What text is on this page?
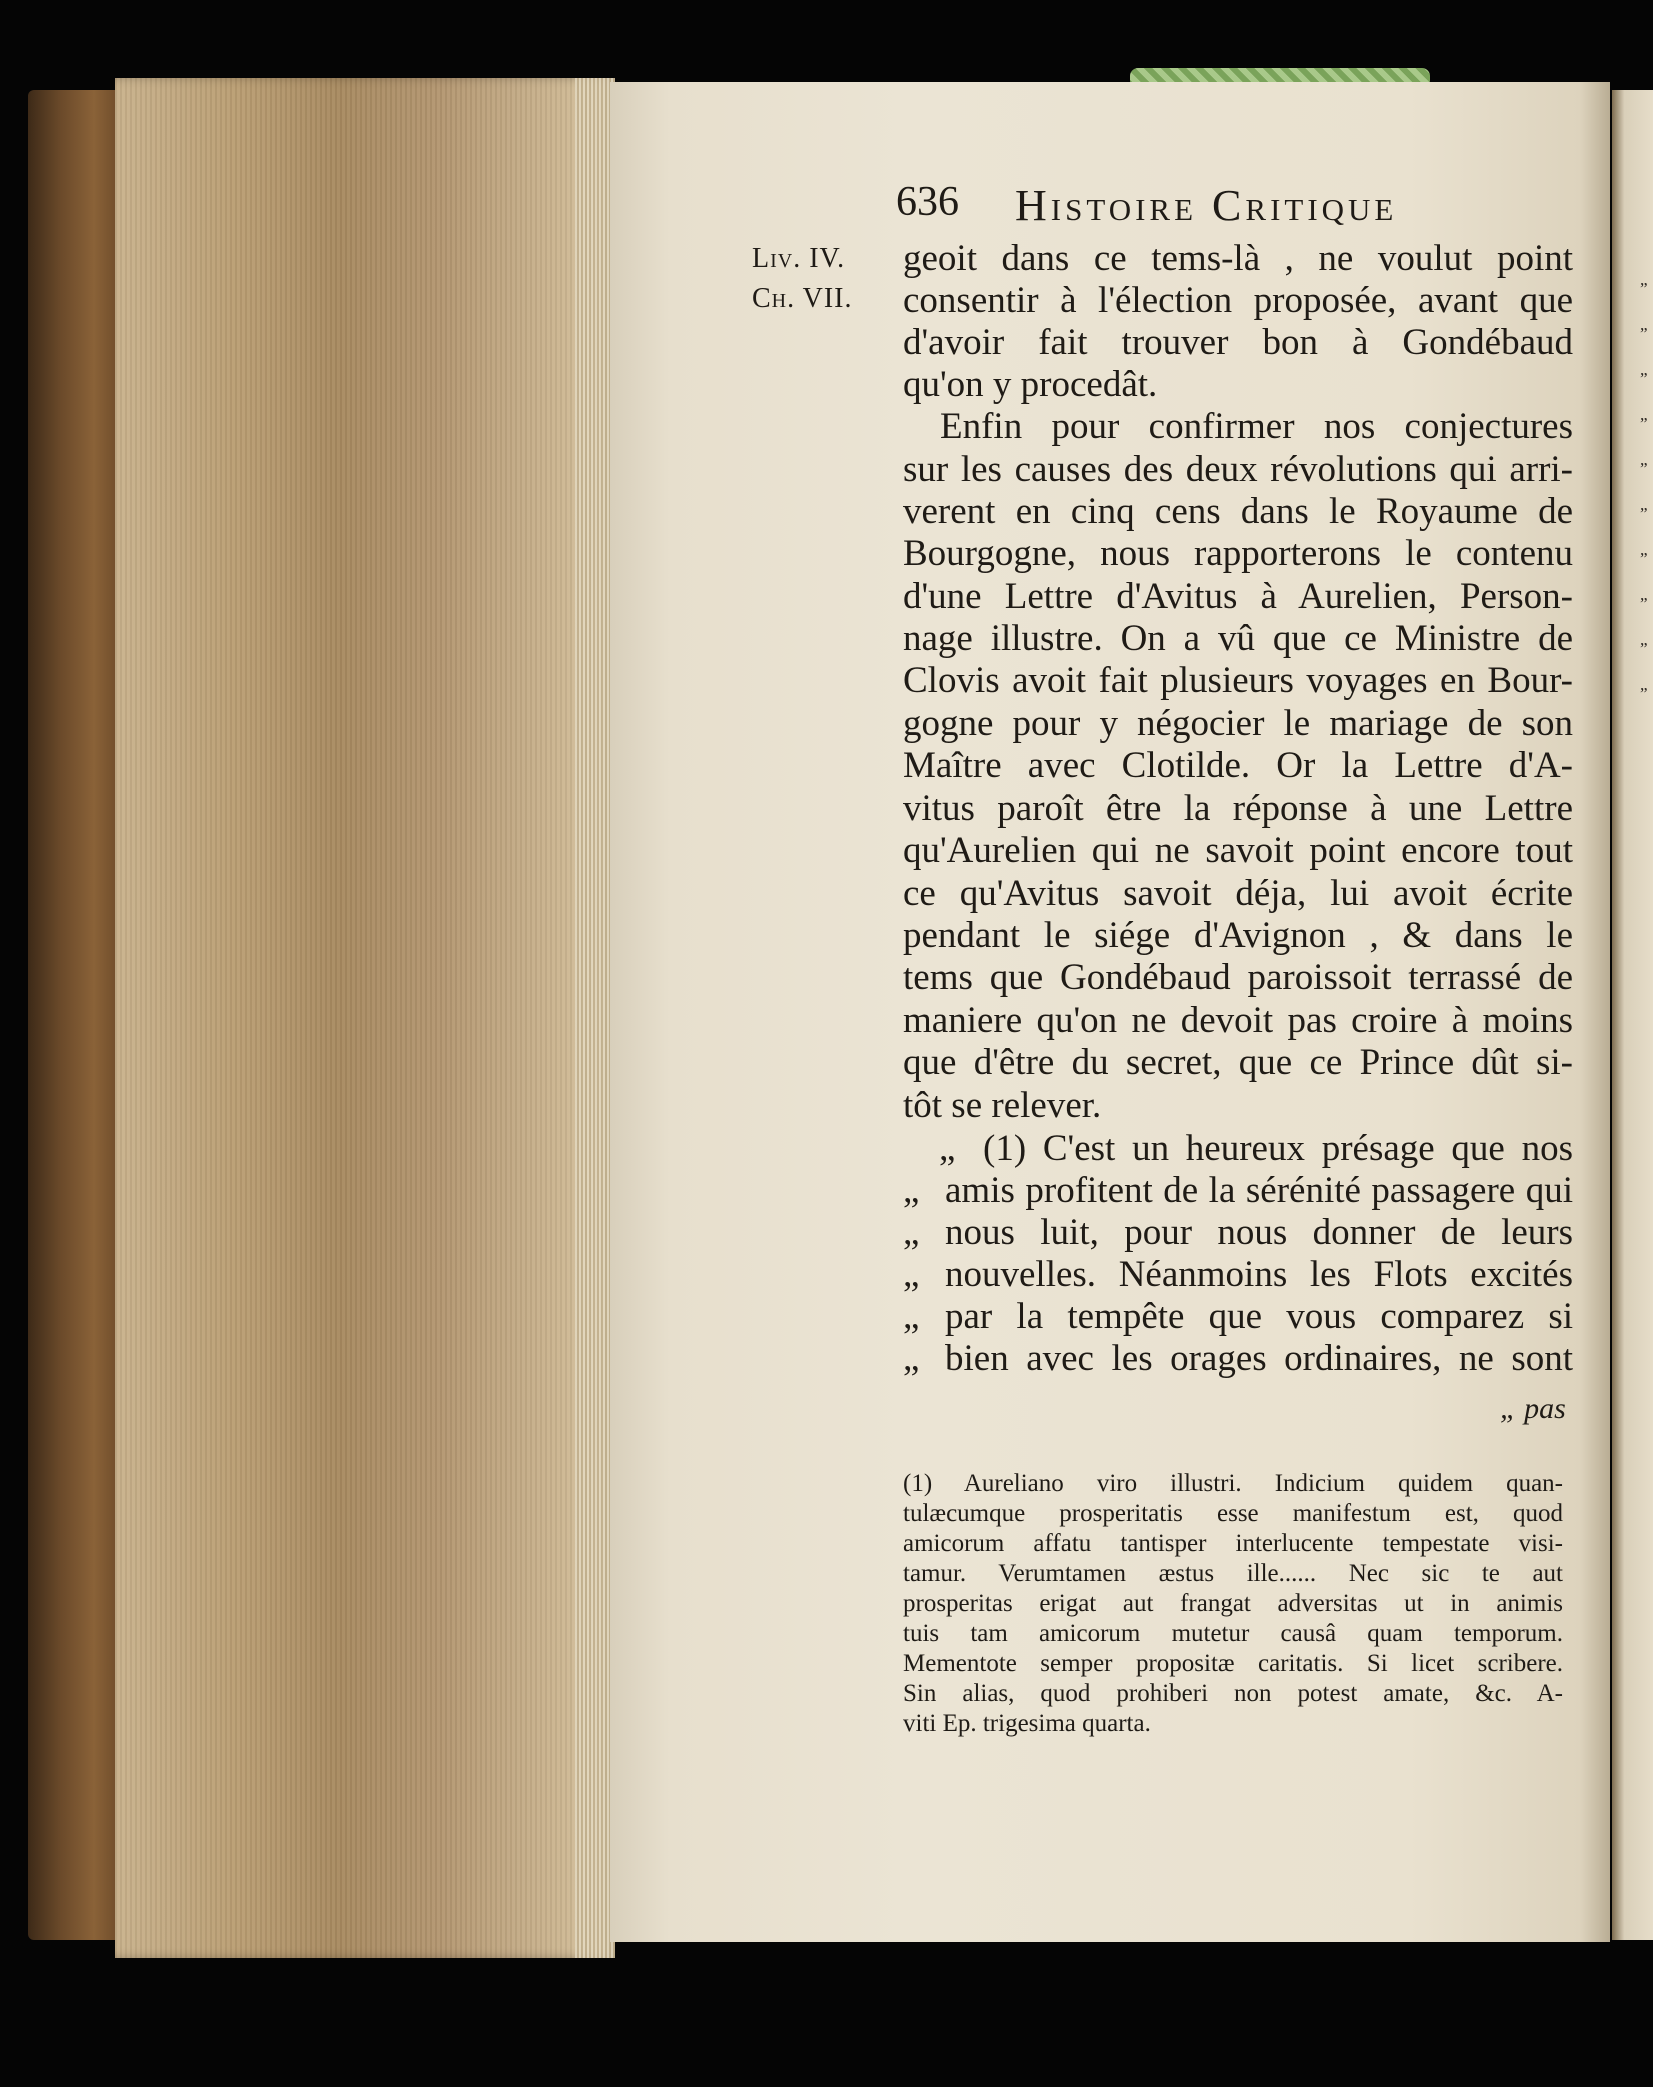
„
„
„
„
„
„
„
„
„
„
636 Histoire Critique
Liv. IV.
Ch. VII.
geoit dans ce tems-là , ne voulut point
consentir à l'élection proposée, avant que
d'avoir fait trouver bon à Gondébaud
qu'on y procedât.
Enfin pour confirmer nos conjectures
sur les causes des deux révolutions qui arri-
verent en cinq cens dans le Royaume de
Bourgogne, nous rapporterons le contenu
d'une Lettre d'Avitus à Aurelien, Person-
nage illustre. On a vû que ce Ministre de
Clovis avoit fait plusieurs voyages en Bour-
gogne pour y négocier le mariage de son
Maître avec Clotilde. Or la Lettre d'A-
vitus paroît être la réponse à une Lettre
qu'Aurelien qui ne savoit point encore tout
ce qu'Avitus savoit déja, lui avoit écrite
pendant le siége d'Avignon , & dans le
tems que Gondébaud paroissoit terrassé de
maniere qu'on ne devoit pas croire à moins
que d'être du secret, que ce Prince dût si-
tôt se relever.
„ (1) C'est un heureux présage que nos
„ amis profitent de la sérénité passagere qui
„ nous luit, pour nous donner de leurs
„ nouvelles. Néanmoins les Flots excités
„ par la tempête que vous comparez si
„ bien avec les orages ordinaires, ne sont
„ pas
(1) Aureliano viro illustri. Indicium quidem quan-
tulæcumque prosperitatis esse manifestum est, quod
amicorum affatu tantisper interlucente tempestate visi-
tamur. Verumtamen æstus ille...... Nec sic te aut
prosperitas erigat aut frangat adversitas ut in animis
tuis tam amicorum mutetur causâ quam temporum.
Mementote semper propositæ caritatis. Si licet scribere.
Sin alias, quod prohiberi non potest amate, &c. A-
viti Ep. trigesima quarta.
